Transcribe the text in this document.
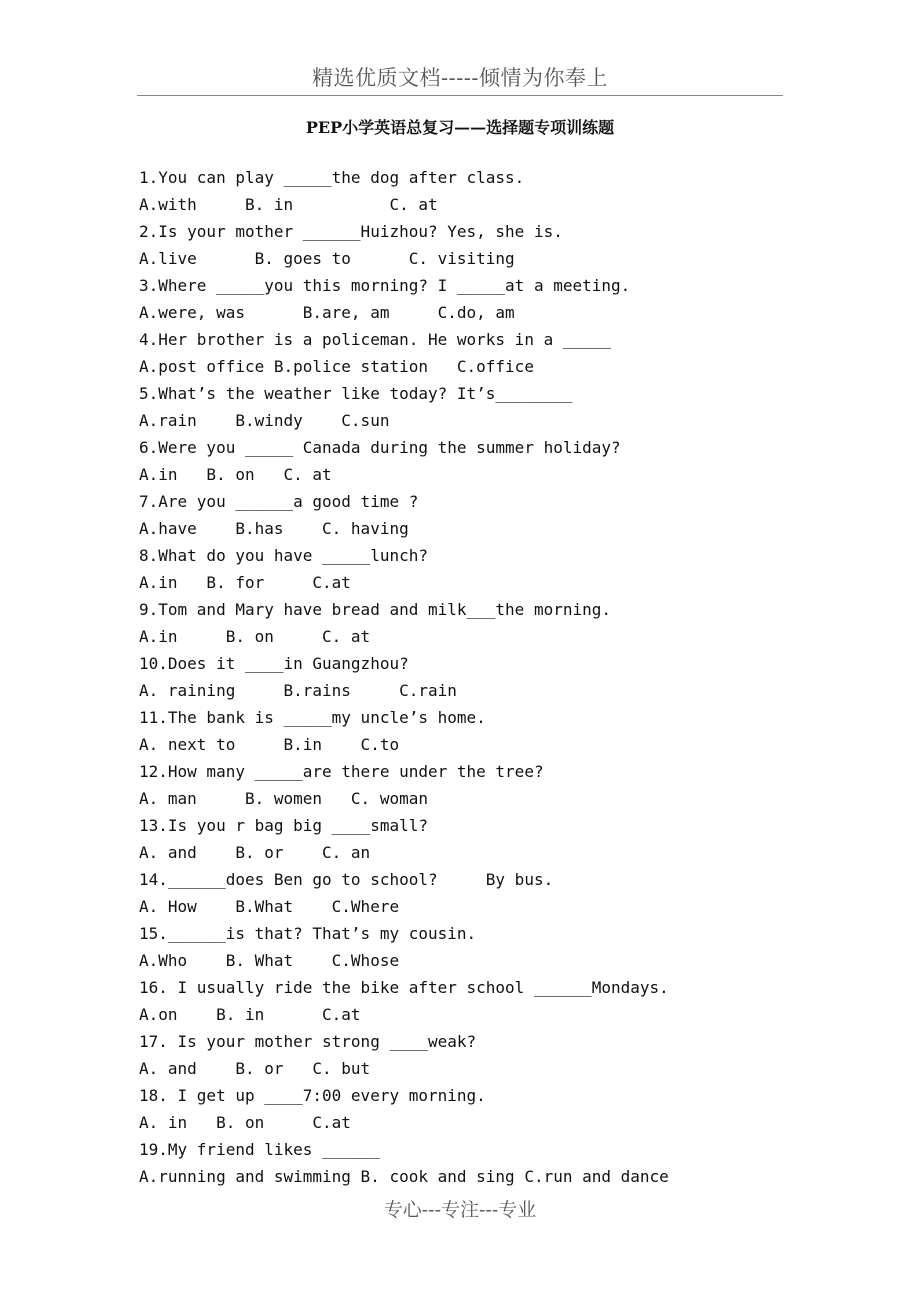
精选优质文档-----倾情为你奉上
PEP小学英语总复习——选择题专项训练题
1.You can play _____the dog after class.
A.with     B. in          C. at
2.Is your mother ______Huizhou? Yes, she is.
A.live      B. goes to      C. visiting
3.Where _____you this morning? I _____at a meeting.
A.were, was      B.are, am     C.do, am
4.Her brother is a policeman. He works in a _____
A.post office B.police station   C.office
5.What’s the weather like today? It’s________
A.rain    B.windy    C.sun
6.Were you _____ Canada during the summer holiday?
A.in   B. on   C. at
7.Are you ______a good time ?
A.have    B.has    C. having
8.What do you have _____lunch?
A.in   B. for     C.at
9.Tom and Mary have bread and milk___the morning.
A.in     B. on     C. at
10.Does it ____in Guangzhou?
A. raining     B.rains     C.rain
11.The bank is _____my uncle’s home.
A. next to     B.in    C.to
12.How many _____are there under the tree?
A. man     B. women   C. woman
13.Is you r bag big ____small?
A. and    B. or    C. an
14.______does Ben go to school?     By bus.
A. How    B.What    C.Where
15.______is that? That’s my cousin.
A.Who    B. What    C.Whose
16. I usually ride the bike after school ______Mondays.
A.on    B. in      C.at
17. Is your mother strong ____weak?
A. and    B. or   C. but
18. I get up ____7:00 every morning.
A. in   B. on     C.at
19.My friend likes ______
A.running and swimming B. cook and sing C.run and dance
专心---专注---专业
